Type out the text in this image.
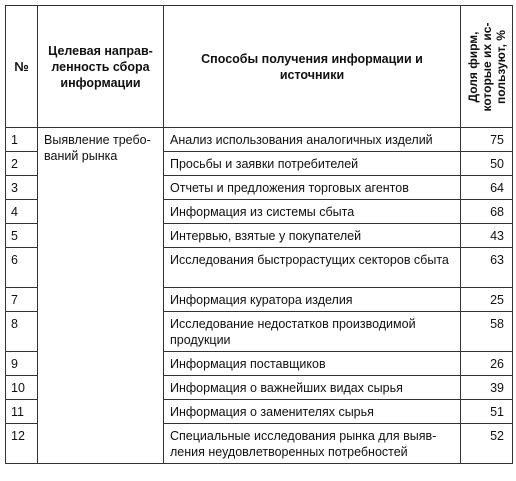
№	Целевая направ-ленность сбора информации	Способы получения информации и источники	Доля фирм, которые их ис-пользуют, %

1	Выявление требо-ваний рынка	Анализ использования аналогичных изделий	75
2		Просьбы и заявки потребителей	50
3		Отчеты и предложения торговых агентов	64
4		Информация из системы сбыта	68
5		Интервью, взятые у покупателей	43
6		Исследования быстрорастущих секторов сбыта	63
7		Информация куратора изделия	25
8		Исследование недостатков производимой продукции	58
9		Информация поставщиков	26
10		Информация о важнейших видах сырья	39
11		Информация о заменителях сырья	51
12		Специальные исследования рынка для выяв-ления неудовлетворенных потребностей	52
